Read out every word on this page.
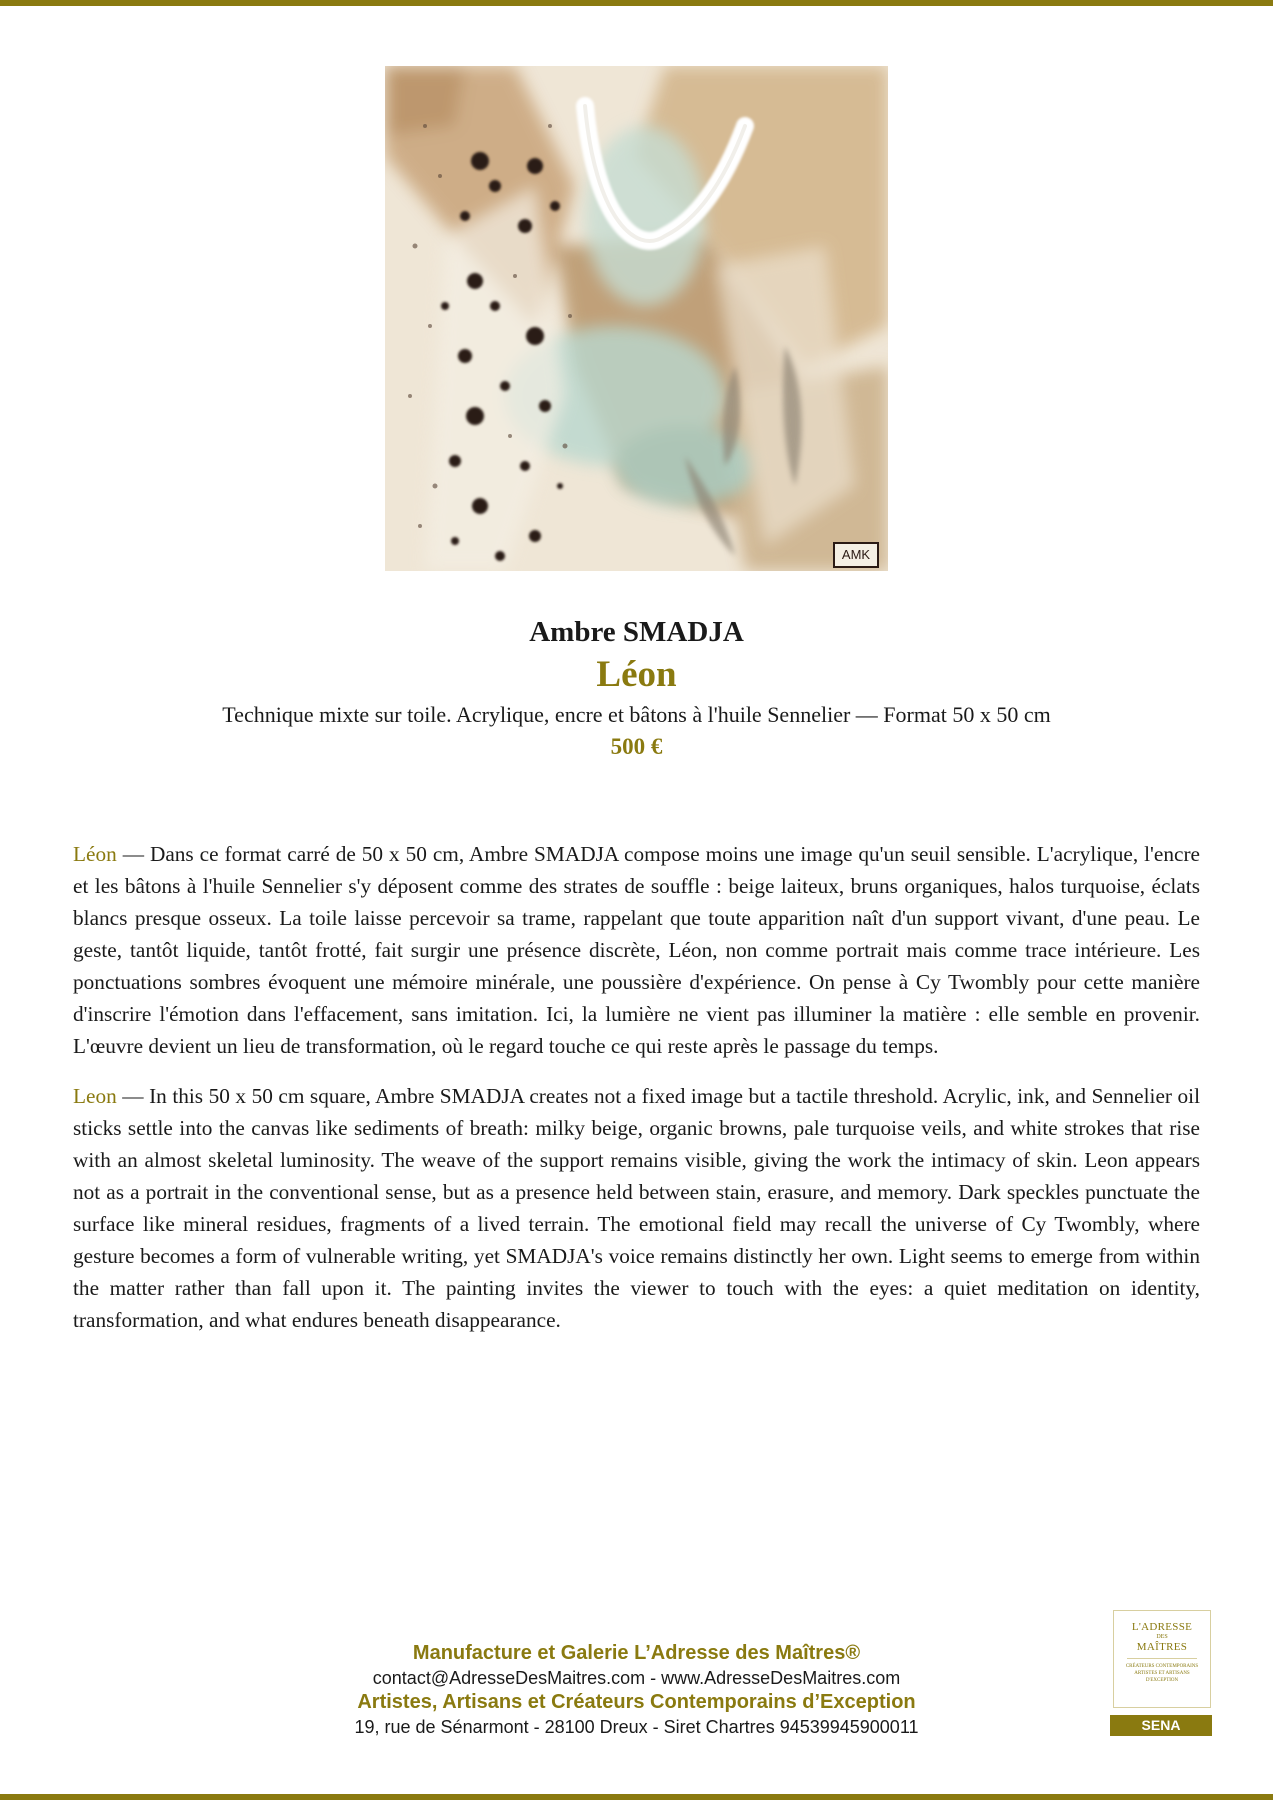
AMK
Ambre SMADJA
Léon
Technique mixte sur toile. Acrylique, encre et bâtons à l'huile Sennelier — Format 50 x 50 cm
500 €

Léon — Dans ce format carré de 50 x 50 cm, Ambre SMADJA compose moins une image qu'un seuil sensible. L'acrylique, l'encre et les bâtons à l'huile Sennelier s'y déposent comme des strates de souffle : beige laiteux, bruns organiques, halos turquoise, éclats blancs presque osseux. La toile laisse percevoir sa trame, rappelant que toute apparition naît d'un support vivant, d'une peau. Le geste, tantôt liquide, tantôt frotté, fait surgir une présence discrète, Léon, non comme portrait mais comme trace intérieure. Les ponctuations sombres évoquent une mémoire minérale, une poussière d'expérience. On pense à Cy Twombly pour cette manière d'inscrire l'émotion dans l'effacement, sans imitation. Ici, la lumière ne vient pas illuminer la matière : elle semble en provenir. L'œuvre devient un lieu de transformation, où le regard touche ce qui reste après le passage du temps.

Leon — In this 50 x 50 cm square, Ambre SMADJA creates not a fixed image but a tactile threshold. Acrylic, ink, and Sennelier oil sticks settle into the canvas like sediments of breath: milky beige, organic browns, pale turquoise veils, and white strokes that rise with an almost skeletal luminosity. The weave of the support remains visible, giving the work the intimacy of skin. Leon appears not as a portrait in the conventional sense, but as a presence held between stain, erasure, and memory. Dark speckles punctuate the surface like mineral residues, fragments of a lived terrain. The emotional field may recall the universe of Cy Twombly, where gesture becomes a form of vulnerable writing, yet SMADJA's voice remains distinctly her own. Light seems to emerge from within the matter rather than fall upon it. The painting invites the viewer to touch with the eyes: a quiet meditation on identity, transformation, and what endures beneath disappearance.

Manufacture et Galerie L’Adresse des Maîtres®
contact@AdresseDesMaitres.com - www.AdresseDesMaitres.com
Artistes, Artisans et Créateurs Contemporains d’Exception
19, rue de Sénarmont - 28100 Dreux - Siret Chartres 94539945900011
L'ADRESSE
DES
MAÎTRES
CRÉATEURS CONTEMPORAINS ARTISTES ET ARTISANS D'EXCEPTION
SENA
